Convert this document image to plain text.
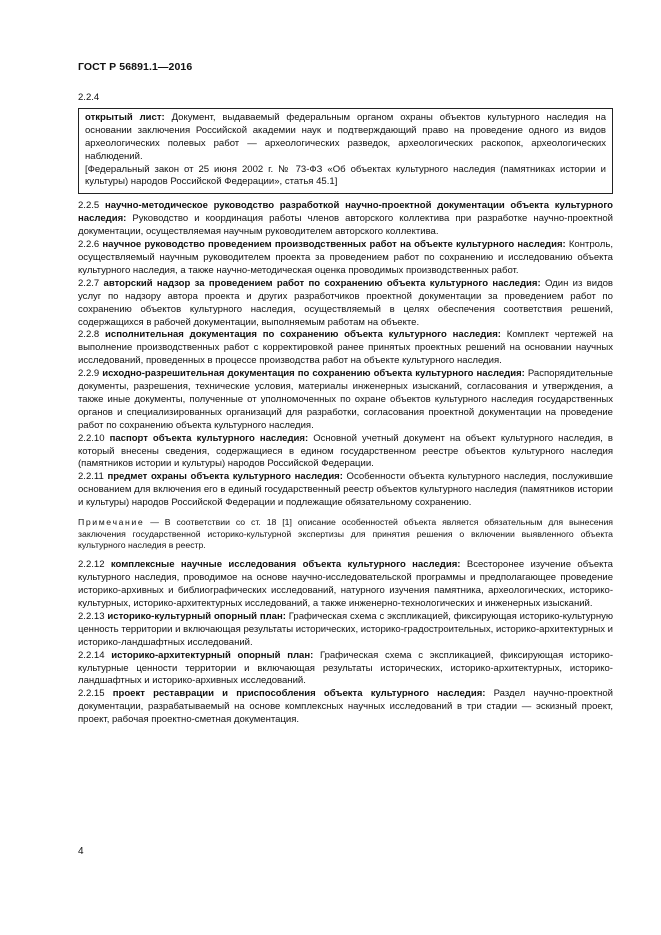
ГОСТ Р 56891.1—2016

2.2.4

открытый лист: Документ, выдаваемый федеральным органом охраны объектов культурного наследия на основании заключения Российской академии наук и подтверждающий право на проведение одного из видов археологических полевых работ — археологических разведок, археологических раскопок, археологических наблюдений.

[Федеральный закон от 25 июня 2002 г. № 73-ФЗ «Об объектах культурного наследия (памятниках истории и культуры) народов Российской Федерации», статья 45.1]

2.2.5 научно-методическое руководство разработкой научно-проектной документации объекта культурного наследия: Руководство и координация работы членов авторского коллектива при разработке научно-проектной документации, осуществляемая научным руководителем авторского коллектива.

2.2.6 научное руководство проведением производственных работ на объекте культурного наследия: Контроль, осуществляемый научным руководителем проекта за проведением работ по сохранению и исследованию объекта культурного наследия, а также научно-методическая оценка проводимых производственных работ.

2.2.7 авторский надзор за проведением работ по сохранению объекта культурного наследия: Один из видов услуг по надзору автора проекта и других разработчиков проектной документации за проведением работ по сохранению объектов культурного наследия, осуществляемый в целях обеспечения соответствия решений, содержащихся в рабочей документации, выполняемым работам на объекте.

2.2.8 исполнительная документация по сохранению объекта культурного наследия: Комплект чертежей на выполнение производственных работ с корректировкой ранее принятых проектных решений на основании научных исследований, проведенных в процессе производства работ на объекте культурного наследия.

2.2.9 исходно-разрешительная документация по сохранению объекта культурного наследия: Распорядительные документы, разрешения, технические условия, материалы инженерных изысканий, согласования и утверждения, а также иные документы, полученные от уполномоченных по охране объектов культурного наследия государственных органов и специализированных организаций для разработки, согласования проектной документации на проведение работ по сохранению объекта культурного наследия.

2.2.10 паспорт объекта культурного наследия: Основной учетный документ на объект культурного наследия, в который внесены сведения, содержащиеся в едином государственном реестре объектов культурного наследия (памятников истории и культуры) народов Российской Федерации.

2.2.11 предмет охраны объекта культурного наследия: Особенности объекта культурного наследия, послужившие основанием для включения его в единый государственный реестр объектов культурного наследия (памятников истории и культуры) народов Российской Федерации и подлежащие обязательному сохранению.

Примечание — В соответствии со ст. 18 [1] описание особенностей объекта является обязательным для вынесения заключения государственной историко-культурной экспертизы для принятия решения о включении выявленного объекта культурного наследия в реестр.

2.2.12 комплексные научные исследования объекта культурного наследия: Всесторонее изучение объекта культурного наследия, проводимое на основе научно-исследовательской программы и предполагающее проведение историко-архивных и библиографических исследований, натурного изучения памятника, археологических, историко-культурных, историко-архитектурных исследований, а также инженерно-технологических и инженерных изысканий.

2.2.13 историко-культурный опорный план: Графическая схема с экспликацией, фиксирующая историко-культурную ценность территории и включающая результаты исторических, историко-градостроительных, историко-архитектурных и историко-ландшафтных исследований.

2.2.14 историко-архитектурный опорный план: Графическая схема с экспликацией, фиксирующая историко-культурные ценности территории и включающая результаты исторических, историко-архитектурных, историко-ландшафтных и историко-архивных исследований.

2.2.15 проект реставрации и приспособления объекта культурного наследия: Раздел научно-проектной документации, разрабатываемый на основе комплексных научных исследований в три стадии — эскизный проект, проект, рабочая проектно-сметная документация.

4
